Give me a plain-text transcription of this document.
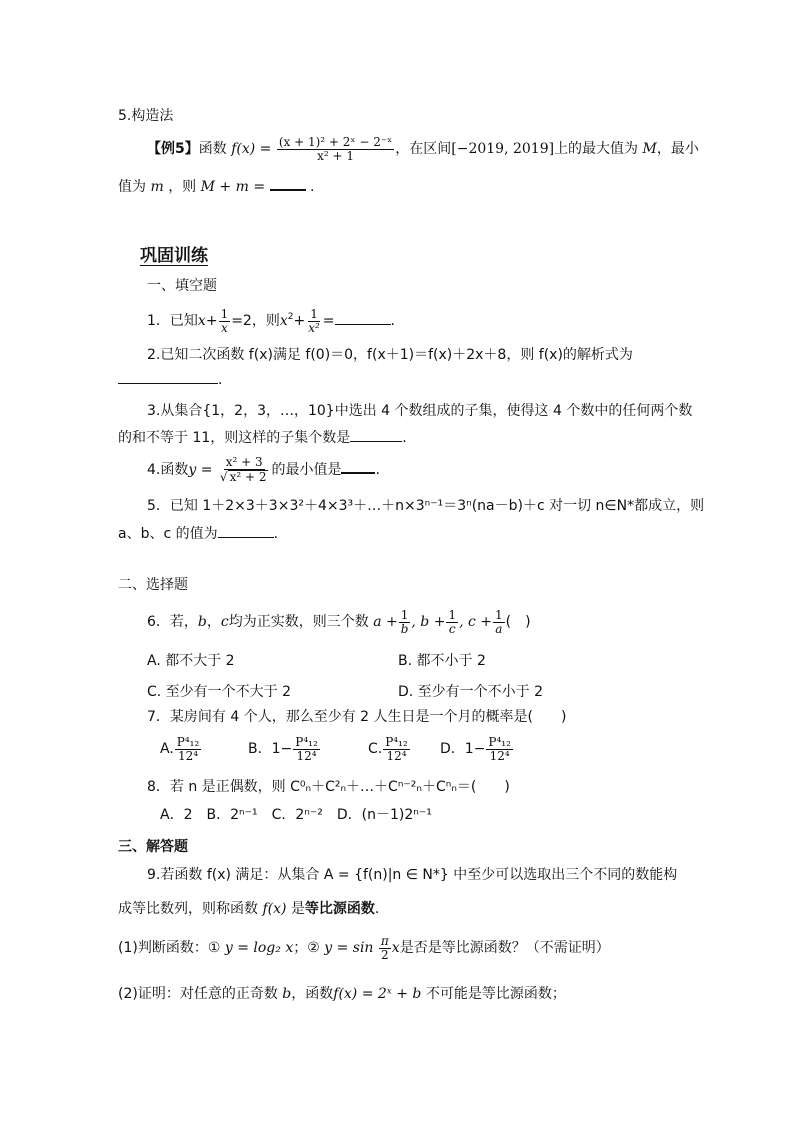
5.构造法
【例5】函数 $f(x) = \frac{\text{(x + 1)² + 2ˣ − 2⁻ˣ}}{\text{x² + 1}}$ ，在区间[−2019, 2019]上的最大值为 M，最小
值为 m ，则 M + m =	.
巩固训练
一、填空题
1．已知$x+ \frac{1}{x} =2$，则$x^2+ \frac{1}{\text{x²}}$ =	.
2.已知二次函数 f(x)满足 f(0)＝0，f(x＋1)＝f(x)＋2x＋8，则 f(x)的解析式为
.
3.从集合{1，2，3，…，10}中选出 4 个数组成的子集，使得这 4 个数中的任何两个数
的和不等于 11，则这样的子集个数是	.
4.函数$y = \frac{\text{x² + 3}}{\text{√ x² + 2}}$ 的最小值是 .
5．已知 1＋2×3＋3×3²＋4×3³＋…＋n×3ⁿ⁻¹＝3ⁿ(na－b)＋c 对一切 n∈N*都成立，则
a、b、c 的值为	.
二、选择题
6．若，b，c均为正实数，则三个数 $a + \frac{1}{b}$ , $b + \frac{1}{c}$ , $c + \frac{1}{a}$ (　)
A. 都不大于 2	B. 都不小于 2
C. 至少有一个不大于 2	D. 至少有一个不小于 2
7．某房间有 4 个人，那么至少有 2 人生日是一个月的概率是(　　)
A. $\frac{\text{P⁴₁₂}}{\text{12⁴}}$	B．$1- \frac{\text{P⁴₁₂}}{\text{12⁴}}$	C. $\frac{\text{P⁴₁₂}}{\text{12⁴}}$ D．$1- \frac{\text{P⁴₁₂}}{\text{12⁴}}$
8．若 n 是正偶数，则 C⁰ₙ＋C²ₙ＋…＋Cⁿ⁻²ₙ＋Cⁿₙ＝(　　)
A．2　B．2ⁿ⁻¹　C．2ⁿ⁻²　D．(n－1)2ⁿ⁻¹
三、解答题
9.若函数 f(x) 满足：从集合 A = {f(n)|n ∈ N*} 中至少可以选取出三个不同的数能构
成等比数列，则称函数 f(x) 是等比源函数.
(1)判断函数：① y = log₂ x；② $y = \sin \frac{\pi}{2}$ x是否是等比源函数？（不需证明）
(2)证明：对任意的正奇数 b，函数f(x) = 2ˣ + b 不可能是等比源函数；
